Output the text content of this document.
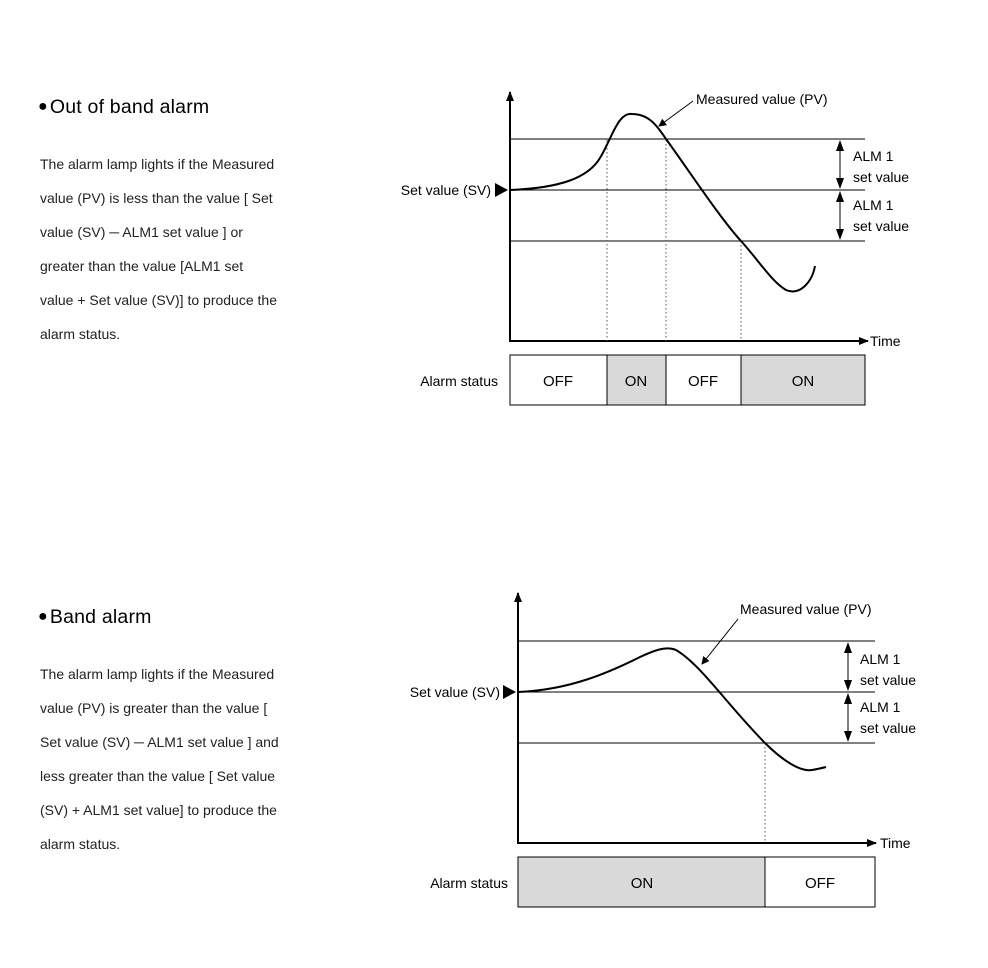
● Out of band alarm

The alarm lamp lights if the Measured

value (PV) is less than the value [ Set

value (SV) ─ ALM1 set value ] or

greater than the value [ALM1 set

value + Set value (SV)] to produce the

alarm status.

● Band alarm

The alarm lamp lights if the Measured

value (PV) is greater than the value [

Set value (SV) ─ ALM1 set value ] and

less greater than the value [ Set value

(SV) + ALM1 set value] to produce the

alarm status.

Time
Set value (SV)
Measured value (PV)
ALM 1
set value
ALM 1
set value
Alarm status	OFF	ON	OFF	ON
Time
Set value (SV)
Measured value (PV)
ALM 1
set value
ALM 1
set value
Alarm status	ON	OFF
